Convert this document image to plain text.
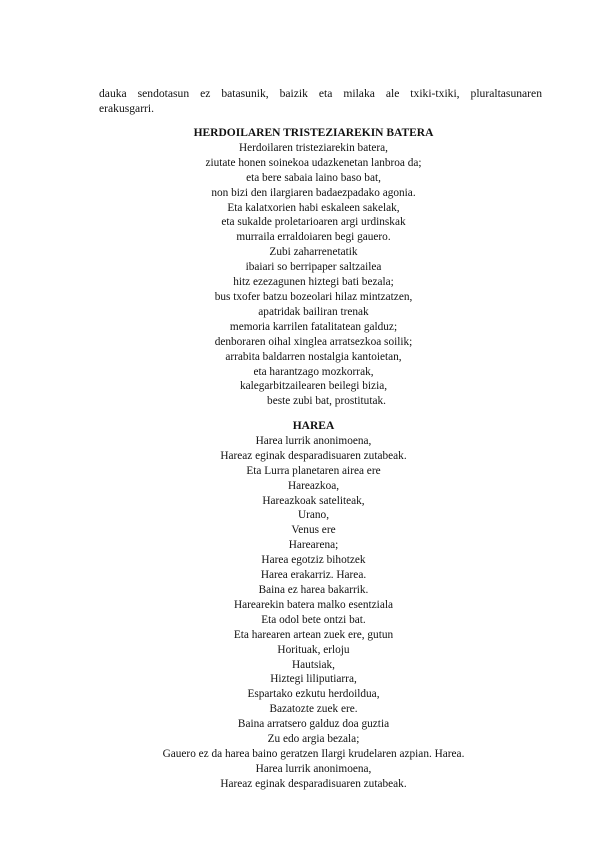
dauka sendotasun ez batasunik, baizik eta milaka ale txiki-txiki, pluraltasunaren

erakusgarri.

HERDOILAREN TRISTEZIAREKIN BATERA
Herdoilaren tristeziarekin batera,
ziutate honen soinekoa udazkenetan lanbroa da;
eta bere sabaia laino baso bat,
non bizi den ilargiaren badaezpadako agonia.
Eta kalatxorien habi eskaleen sakelak,
eta sukalde proletarioaren argi urdinskak
murraila erraldoiaren begi gauero.
Zubi zaharrenetatik
ibaiari so berripaper saltzailea
hitz ezezagunen hiztegi bati bezala;
bus txofer batzu bozeolari hilaz mintzatzen,
apatridak bailiran trenak
memoria karrilen fatalitatean galduz;
denboraren oihal xinglea arratsezkoa soilik;
arrabita baldarren nostalgia kantoietan,
eta harantzago mozkorrak,
kalegarbitzailearen beilegi bizia,
beste zubi bat, prostitutak.
HAREA
Harea lurrik anonimoena,
Hareaz eginak desparadisuaren zutabeak.
Eta Lurra planetaren airea ere
Hareazkoa,
Hareazkoak sateliteak,
Urano,
Venus ere
Harearena;
Harea egotziz bihotzek
Harea erakarriz. Harea.
Baina ez harea bakarrik.
Harearekin batera malko esentziala
Eta odol bete ontzi bat.
Eta harearen artean zuek ere, gutun
Horituak, erloju
Hautsiak,
Hiztegi liliputiarra,
Espartako ezkutu herdoildua,
Bazatozte zuek ere.
Baina arratsero galduz doa guztia
Zu edo argia bezala;
Gauero ez da harea baino geratzen Ilargi krudelaren azpian. Harea.
Harea lurrik anonimoena,
Hareaz eginak desparadisuaren zutabeak.
